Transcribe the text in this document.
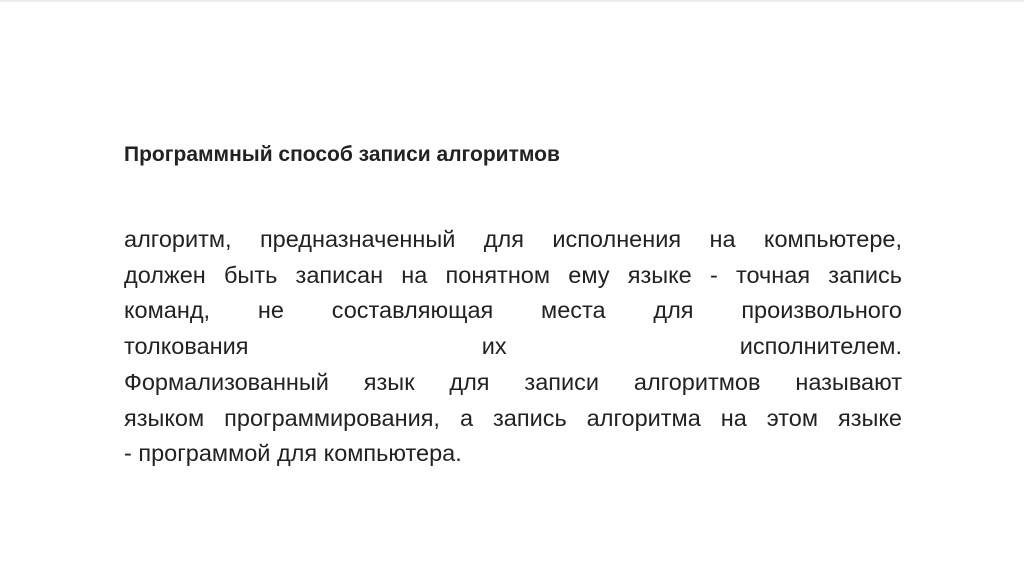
Программный способ записи алгоритмов
алгоритм, предназначенный для исполнения на компьютере,
должен быть записан на понятном ему языке - точная запись
команд, не составляющая места для произвольного
толкования их исполнителем.
Формализованный язык для записи алгоритмов называют
языком программирования, а запись алгоритма на этом языке
- программой для компьютера.
